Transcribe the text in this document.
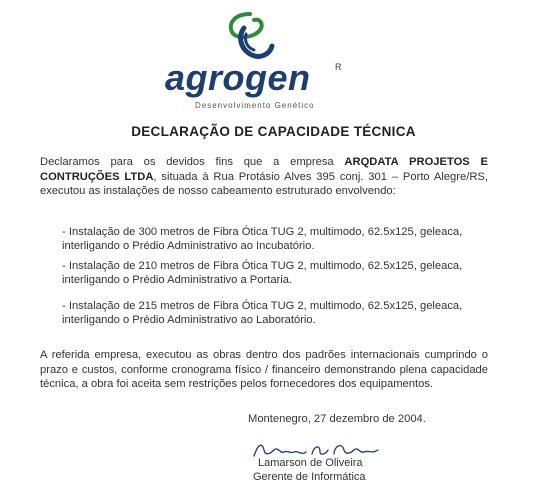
agrogen	R
Desenvolvimento Genético
DECLARAÇÃO DE CAPACIDADE TÉCNICA
Declaramos para os devidos fins que a empresa ARQDATA PROJETOS E CONTRUÇÕES LTDA, situada à Rua Protásio Alves 395 conj. 301 – Porto Alegre/RS, executou as instalações de nosso cabeamento estruturado envolvendo:
- Instalação de 300 metros de Fibra Ótica TUG 2, multimodo, 62.5x125, geleaca, interligando o Prédio Administrativo ao Incubatório.
- Instalação de 210 metros de Fibra Ótica TUG 2, multimodo, 62.5x125, geleaca, interligando o Prédio Administrativo a Portaria.
- Instalação de 215 metros de Fibra Ótica TUG 2, multimodo, 62.5x125, geleaca, interligando o Prédio Administrativo ao Laboratório.
A referida empresa, executou as obras dentro dos padrões internacionais cumprindo o prazo e custos, conforme cronograma físico / financeiro demonstrando plena capacidade técnica, a obra foi aceita sem restrições pelos fornecedores dos equipamentos.
Montenegro, 27 dezembro de 2004.
Lamarson de Oliveira
Gerente de Informática
